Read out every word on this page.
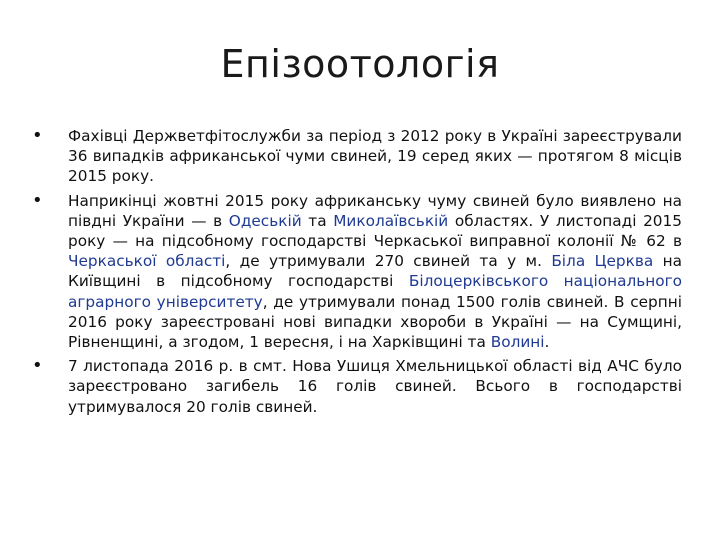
Епізоотологія
• Фахівці Держветфітослужби за період з 2012 року в Україні зареєстрували 36 випадків африканської чуми свиней, 19 серед яких — протягом 8 місців 2015 року.
• Наприкінці жовтні 2015 року африканську чуму свиней було виявлено на півдні України — в Одеській та Миколаївській областях. У листопаді 2015 року — на підсобному господарстві Черкаської виправної колонії № 62 в Черкаської області, де утримували 270 свиней та у м. Біла Церква на Київщині в підсобному господарстві Білоцерківського національного аграрного університету, де утримували понад 1500 голів свиней. В серпні 2016 року зареєстровані нові випадки хвороби в Україні — на Сумщині, Рівненщині, а згодом, 1 вересня, і на Харківщині та Волині.
• 7 листопада 2016 р. в смт. Нова Ушиця Хмельницької області від АЧС було зареєстровано загибель 16 голів свиней. Всього в господарстві утримувалося 20 голів свиней.
